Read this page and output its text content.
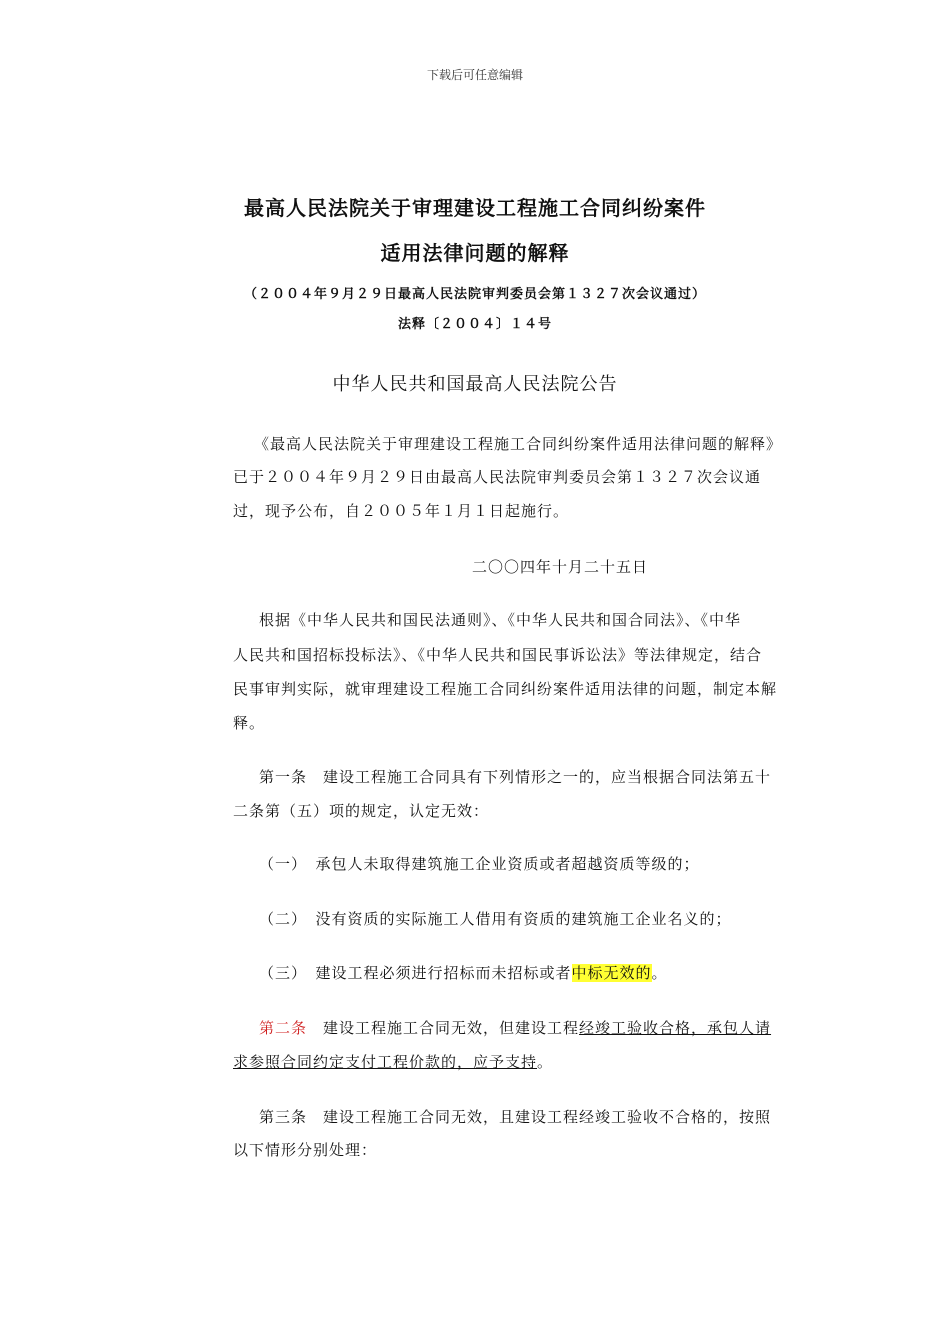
下载后可任意编辑
最高人民法院关于审理建设工程施工合同纠纷案件
适用法律问题的解释
（２００４年９月２９日最高人民法院审判委员会第１３２７次会议通过）
法释〔２００４〕１４号
中华人民共和国最高人民法院公告
《最高人民法院关于审理建设工程施工合同纠纷案件适用法律问题的解释》
已于２００４年９月２９日由最高人民法院审判委员会第１３２７次会议通
过，现予公布，自２００５年１月１日起施行。
二〇〇四年十月二十五日
根据《中华人民共和国民法通则》、《中华人民共和国合同法》、《中华
人民共和国招标投标法》、《中华人民共和国民事诉讼法》等法律规定，结合
民事审判实际，就审理建设工程施工合同纠纷案件适用法律的问题，制定本解
释。
第一条　建设工程施工合同具有下列情形之一的，应当根据合同法第五十
二条第（五）项的规定，认定无效：
（一）　承包人未取得建筑施工企业资质或者超越资质等级的；
（二）　没有资质的实际施工人借用有资质的建筑施工企业名义的；
（三）　建设工程必须进行招标而未招标或者中标无效的。
第二条　建设工程施工合同无效，但建设工程经竣工验收合格，承包人请
求参照合同约定支付工程价款的，应予支持。
第三条　建设工程施工合同无效，且建设工程经竣工验收不合格的，按照
以下情形分别处理：
